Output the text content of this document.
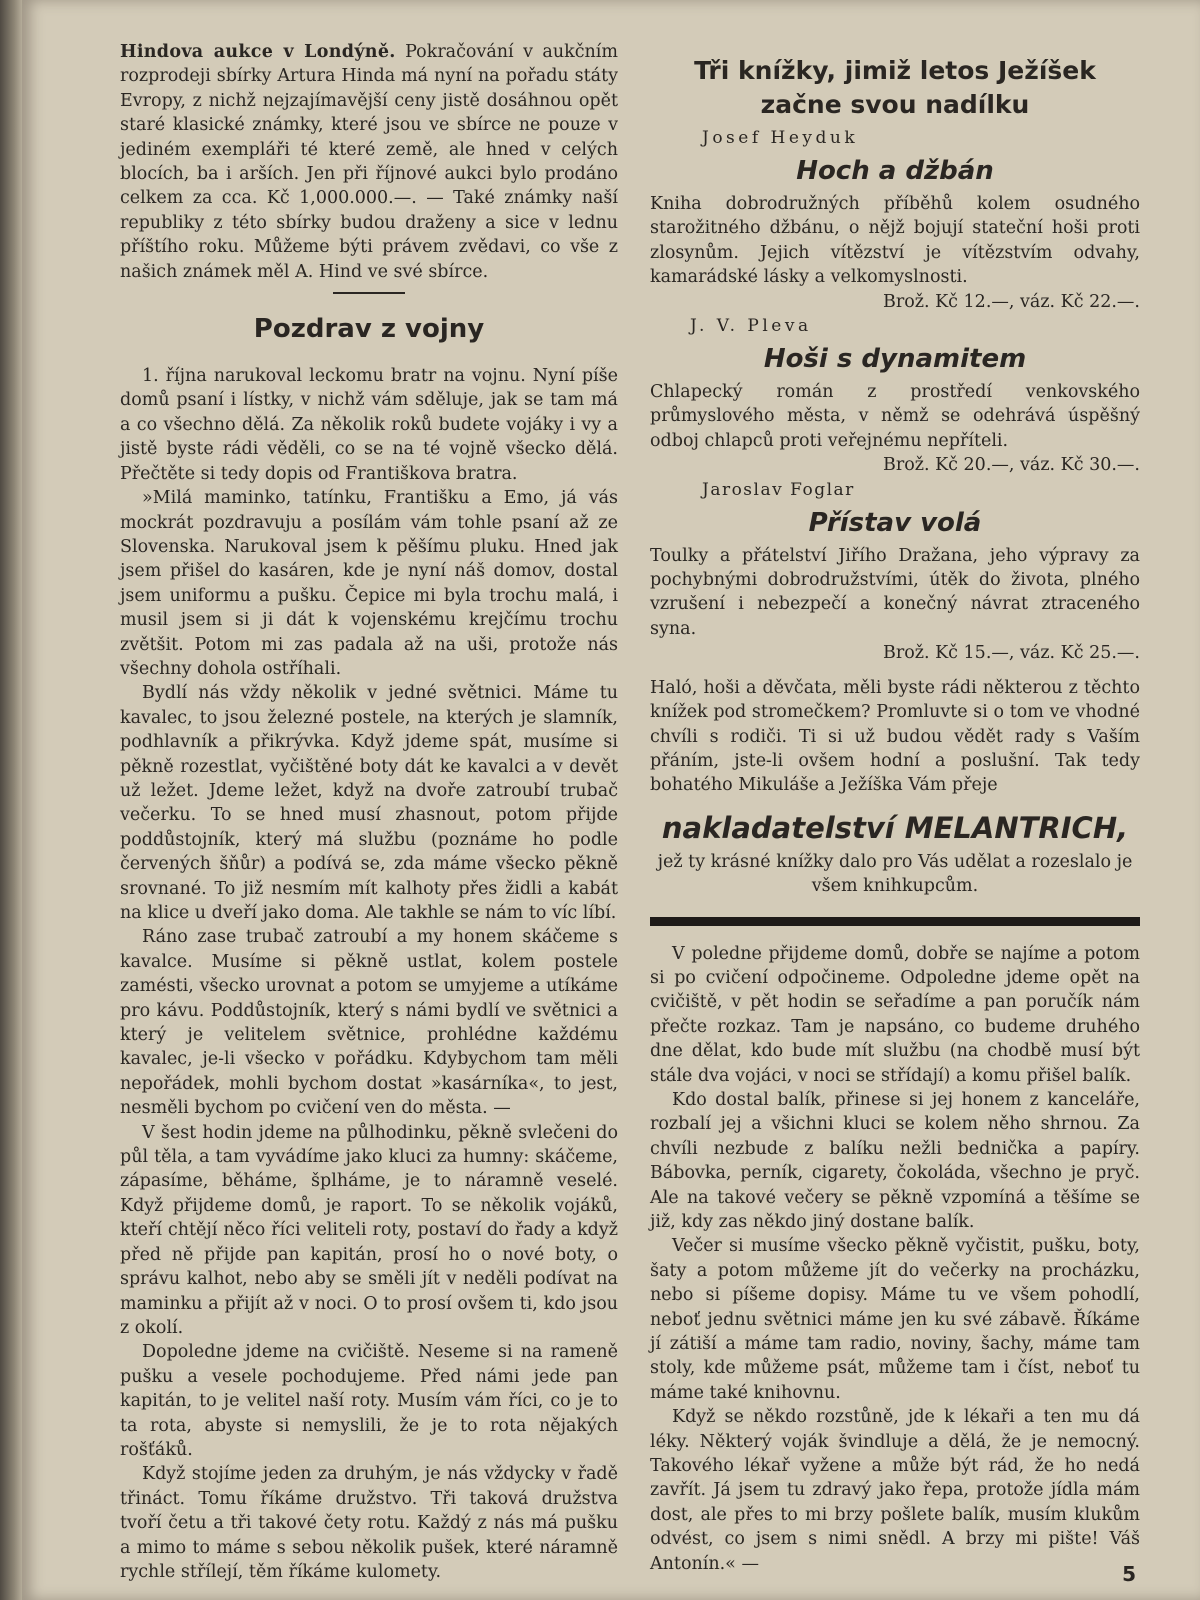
Hindova aukce v Londýně. Pokračování v aukčním rozprodeji sbírky Artura Hinda má nyní na pořadu státy Evropy, z nichž nejzajímavější ceny jistě dosáhnou opět staré klasické známky, které jsou ve sbírce ne pouze v jediném exempláři té které země, ale hned v celých blocích, ba i arších. Jen při říjnové aukci bylo prodáno celkem za cca. Kč 1,000.000.—. — Také známky naší republiky z této sbírky budou draženy a sice v lednu příštího roku. Můžeme býti právem zvědavi, co vše z našich známek měl A. Hind ve své sbírce.

Pozdrav z vojny

1. října narukoval leckomu bratr na vojnu. Nyní píše domů psaní i lístky, v nichž vám sděluje, jak se tam má a co všechno dělá. Za několik roků budete vojáky i vy a jistě byste rádi věděli, co se na té vojně všecko dělá. Přečtěte si tedy dopis od Františkova bratra.

»Milá maminko, tatínku, Františku a Emo, já vás mockrát pozdravuju a posílám vám tohle psaní až ze Slovenska. Narukoval jsem k pěšímu pluku. Hned jak jsem přišel do kasáren, kde je nyní náš domov, dostal jsem uniformu a pušku. Čepice mi byla trochu malá, i musil jsem si ji dát k vojenskému krejčímu trochu zvětšit. Potom mi zas padala až na uši, protože nás všechny dohola ostříhali.

Bydlí nás vždy několik v jedné světnici. Máme tu kavalec, to jsou železné postele, na kterých je slamník, podhlavník a přikrývka. Když jdeme spát, musíme si pěkně rozestlat, vyčištěné boty dát ke kavalci a v devět už ležet. Jdeme ležet, když na dvoře zatroubí trubač večerku. To se hned musí zhasnout, potom přijde poddůstojník, který má službu (poznáme ho podle červených šňůr) a podívá se, zda máme všecko pěkně srovnané. To již nesmím mít kalhoty přes židli a kabát na klice u dveří jako doma. Ale takhle se nám to víc líbí.

Ráno zase trubač zatroubí a my honem skáčeme s kavalce. Musíme si pěkně ustlat, kolem postele zamésti, všecko urovnat a potom se umyjeme a utíkáme pro kávu. Poddůstojník, který s námi bydlí ve světnici a který je velitelem světnice, prohlédne každému kavalec, je-li všecko v pořádku. Kdybychom tam měli nepořádek, mohli bychom dostat »kasárníka«, to jest, nesměli bychom po cvičení ven do města. —

V šest hodin jdeme na půlhodinku, pěkně svlečeni do půl těla, a tam vyvádíme jako kluci za humny: skáčeme, zápasíme, běháme, šplháme, je to náramně veselé. Když přijdeme domů, je raport. To se několik vojáků, kteří chtějí něco říci veliteli roty, postaví do řady a když před ně přijde pan kapitán, prosí ho o nové boty, o správu kalhot, nebo aby se směli jít v neděli podívat na maminku a přijít až v noci. O to prosí ovšem ti, kdo jsou z okolí.

Dopoledne jdeme na cvičiště. Neseme si na rameně pušku a vesele pochodujeme. Před námi jede pan kapitán, to je velitel naší roty. Musím vám říci, co je to ta rota, abyste si nemyslili, že je to rota nějakých rošťáků.

Když stojíme jeden za druhým, je nás vždycky v řadě třináct. Tomu říkáme družstvo. Tři taková družstva tvoří četu a tři takové čety rotu. Každý z nás má pušku a mimo to máme s sebou několik pušek, které náramně rychle střílejí, těm říkáme kulomety.

Tři knížky, jimiž letos Ježíšek začne svou nadílku
Josef Heyduk
Hoch a džbán

Kniha dobrodružných příběhů kolem osudného starožitného džbánu, o nějž bojují stateční hoši proti zlosynům. Jejich vítězství je vítězstvím odvahy, kamarádské lásky a velkomyslnosti.

Brož. Kč 12.—, váz. Kč 22.—.

J. V. Pleva
Hoši s dynamitem

Chlapecký román z prostředí venkovského průmyslového města, v němž se odehrává úspěšný odboj chlapců proti veřejnému nepříteli.

Brož. Kč 20.—, váz. Kč 30.—.

Jaroslav Foglar
Přístav volá

Toulky a přátelství Jiřího Dražana, jeho výpravy za pochybnými dobrodružstvími, útěk do života, plného vzrušení i nebezpečí a konečný návrat ztraceného syna.

Brož. Kč 15.—, váz. Kč 25.—.

Haló, hoši a děvčata, měli byste rádi některou z těchto knížek pod stromečkem? Promluvte si o tom ve vhodné chvíli s rodiči. Ti si už budou vědět rady s Vaším přáním, jste-li ovšem hodní a poslušní. Tak tedy bohatého Mikuláše a Ježíška Vám přeje

nakladatelství MELANTRICH,

jež ty krásné knížky dalo pro Vás udělat a rozeslalo je všem knihkupcům.

V poledne přijdeme domů, dobře se najíme a potom si po cvičení odpočineme. Odpoledne jdeme opět na cvičiště, v pět hodin se seřadíme a pan poručík nám přečte rozkaz. Tam je napsáno, co budeme druhého dne dělat, kdo bude mít službu (na chodbě musí být stále dva vojáci, v noci se střídají) a komu přišel balík.

Kdo dostal balík, přinese si jej honem z kanceláře, rozbalí jej a všichni kluci se kolem něho shrnou. Za chvíli nezbude z balíku nežli bednička a papíry. Bábovka, perník, cigarety, čokoláda, všechno je pryč. Ale na takové večery se pěkně vzpomíná a těšíme se již, kdy zas někdo jiný dostane balík.

Večer si musíme všecko pěkně vyčistit, pušku, boty, šaty a potom můžeme jít do večerky na procházku, nebo si píšeme dopisy. Máme tu ve všem pohodlí, neboť jednu světnici máme jen ku své zábavě. Říkáme jí zátiší a máme tam radio, noviny, šachy, máme tam stoly, kde můžeme psát, můžeme tam i číst, neboť tu máme také knihovnu.

Když se někdo rozstůně, jde k lékaři a ten mu dá léky. Některý voják švindluje a dělá, že je nemocný. Takového lékař vyžene a může být rád, že ho nedá zavřít. Já jsem tu zdravý jako řepa, protože jídla mám dost, ale přes to mi brzy pošlete balík, musím klukům odvést, co jsem s nimi snědl. A brzy mi pište! Váš Antonín.« —	5
